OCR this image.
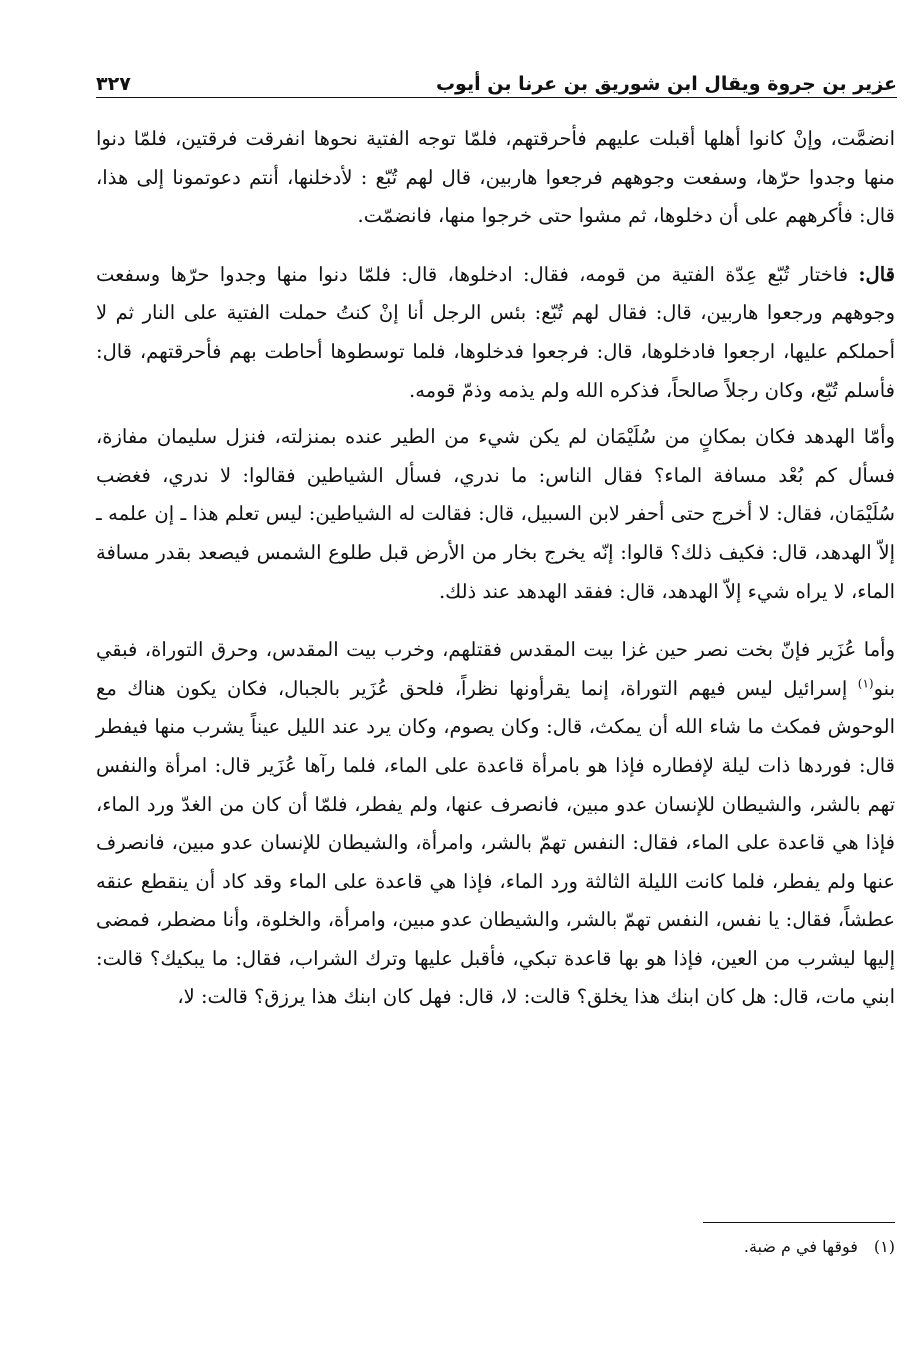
عزير بن جروة ويقال ابن شوريق بن عرنا بن أيوب
٣٢٧

انضمَّت، وإنْ كانوا أهلها أقبلت عليهم فأحرقتهم، فلمّا توجه الفتية نحوها انفرقت فرقتين، فلمّا دنوا منها وجدوا حرّها، وسفعت وجوههم فرجعوا هاربين، قال لهم تُبّع : لأدخلنها، أنتم دعوتمونا إلى هذا، قال: فأكرههم على أن دخلوها، ثم مشوا حتى خرجوا منها، فانضمّت.

قال: فاختار تُبّع عِدّة الفتية من قومه، فقال: ادخلوها، قال: فلمّا دنوا منها وجدوا حرّها وسفعت وجوههم ورجعوا هاربين، قال: فقال لهم تُبّع: بئس الرجل أنا إنْ كنتُ حملت الفتية على النار ثم لا أحملكم عليها، ارجعوا فادخلوها، قال: فرجعوا فدخلوها، فلما توسطوها أحاطت بهم فأحرقتهم، قال: فأسلم تُبّع، وكان رجلاً صالحاً، فذكره الله ولم يذمه وذمّ قومه.

وأمّا الهدهد فكان بمكانٍ من سُلَيْمَان لم يكن شيء من الطير عنده بمنزلته، فنزل سليمان مفازة، فسأل كم بُعْد مسافة الماء؟ فقال الناس: ما ندري، فسأل الشياطين فقالوا: لا ندري، فغضب سُلَيْمَان، فقال: لا أخرج حتى أحفر لابن السبيل، قال: فقالت له الشياطين: ليس تعلم هذا ـ إن علمه ـ إلاّ الهدهد، قال: فكيف ذلك؟ قالوا: إنّه يخرج بخار من الأرض قبل طلوع الشمس فيصعد بقدر مسافة الماء، لا يراه شيء إلاّ الهدهد، قال: ففقد الهدهد عند ذلك.

وأما عُزَير فإنّ بخت نصر حين غزا بيت المقدس فقتلهم، وخرب بيت المقدس، وحرق التوراة، فبقي بنو$^{(١)}$ إسرائيل ليس فيهم التوراة، إنما يقرأونها نظراً، فلحق عُزَير بالجبال، فكان يكون هناك مع الوحوش فمكث ما شاء الله أن يمكث، قال: وكان يصوم، وكان يرد عند الليل عيناً يشرب منها فيفطر قال: فوردها ذات ليلة لإفطاره فإذا هو بامرأة قاعدة على الماء، فلما رآها عُزَير قال: امرأة والنفس تهم بالشر، والشيطان للإنسان عدو مبين، فانصرف عنها، ولم يفطر، فلمّا أن كان من الغدّ ورد الماء، فإذا هي قاعدة على الماء، فقال: النفس تهمّ بالشر، وامرأة، والشيطان للإنسان عدو مبين، فانصرف عنها ولم يفطر، فلما كانت الليلة الثالثة ورد الماء، فإذا هي قاعدة على الماء وقد كاد أن ينقطع عنقه عطشاً، فقال: يا نفس، النفس تهمّ بالشر، والشيطان عدو مبين، وامرأة، والخلوة، وأنا مضطر، فمضى إليها ليشرب من العين، فإذا هو بها قاعدة تبكي، فأقبل عليها وترك الشراب، فقال: ما يبكيك؟ قالت: ابني مات، قال: هل كان ابنك هذا يخلق؟ قالت: لا، قال: فهل كان ابنك هذا يرزق؟ قالت: لا،

(١)فوقها في م ضبة.
